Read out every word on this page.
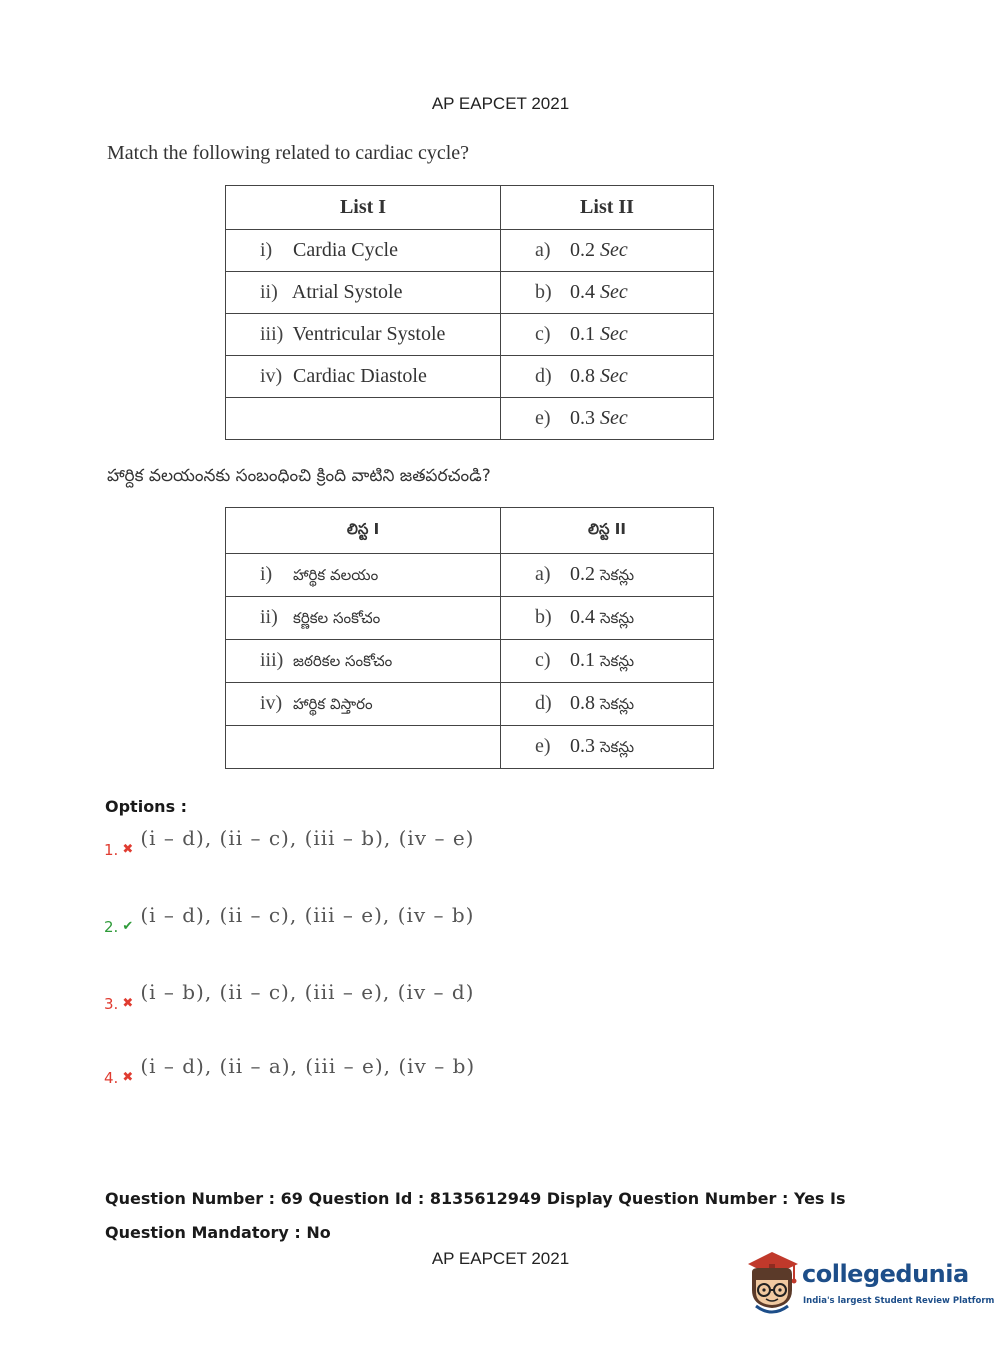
AP EAPCET 2021
Match the following related to cardiac cycle?
List I	List II
i) Cardia Cycle	a) 0.2 Sec
ii) Atrial Systole	b) 0.4 Sec
iii) Ventricular Systole	c) 0.1 Sec
iv) Cardiac Diastole	d) 0.8 Sec
	e) 0.3 Sec
హార్దిక వలయంనకు సంబంధించి క్రింది వాటిని జతపరచండి?
లిస్ట I	లిస్ట II
i) హార్థిక వలయం	a) 0.2 సెకన్లు
ii) కర్ణికల సంకోచం	b) 0.4 సెకన్లు
iii) జఠరికల సంకోచం	c) 0.1 సెకన్లు
iv) హార్థిక విస్తారం	d) 0.8 సెకన్లు
	e) 0.3 సెకన్లు
Options :
$_{1.}$ ✖ (i – d), (ii – c), (iii – b), (iv – e)
$_{2.}$ ✔ (i – d), (ii – c), (iii – e), (iv – b)
$_{3.}$ ✖ (i – b), (ii – c), (iii – e), (iv – d)
$_{4.}$ ✖ (i – d), (ii – a), (iii – e), (iv – b)
Question Number : 69 Question Id : 8135612949 Display Question Number : Yes Is Question Mandatory : No
AP EAPCET 2021
collegedunia
India's largest Student Review Platform
